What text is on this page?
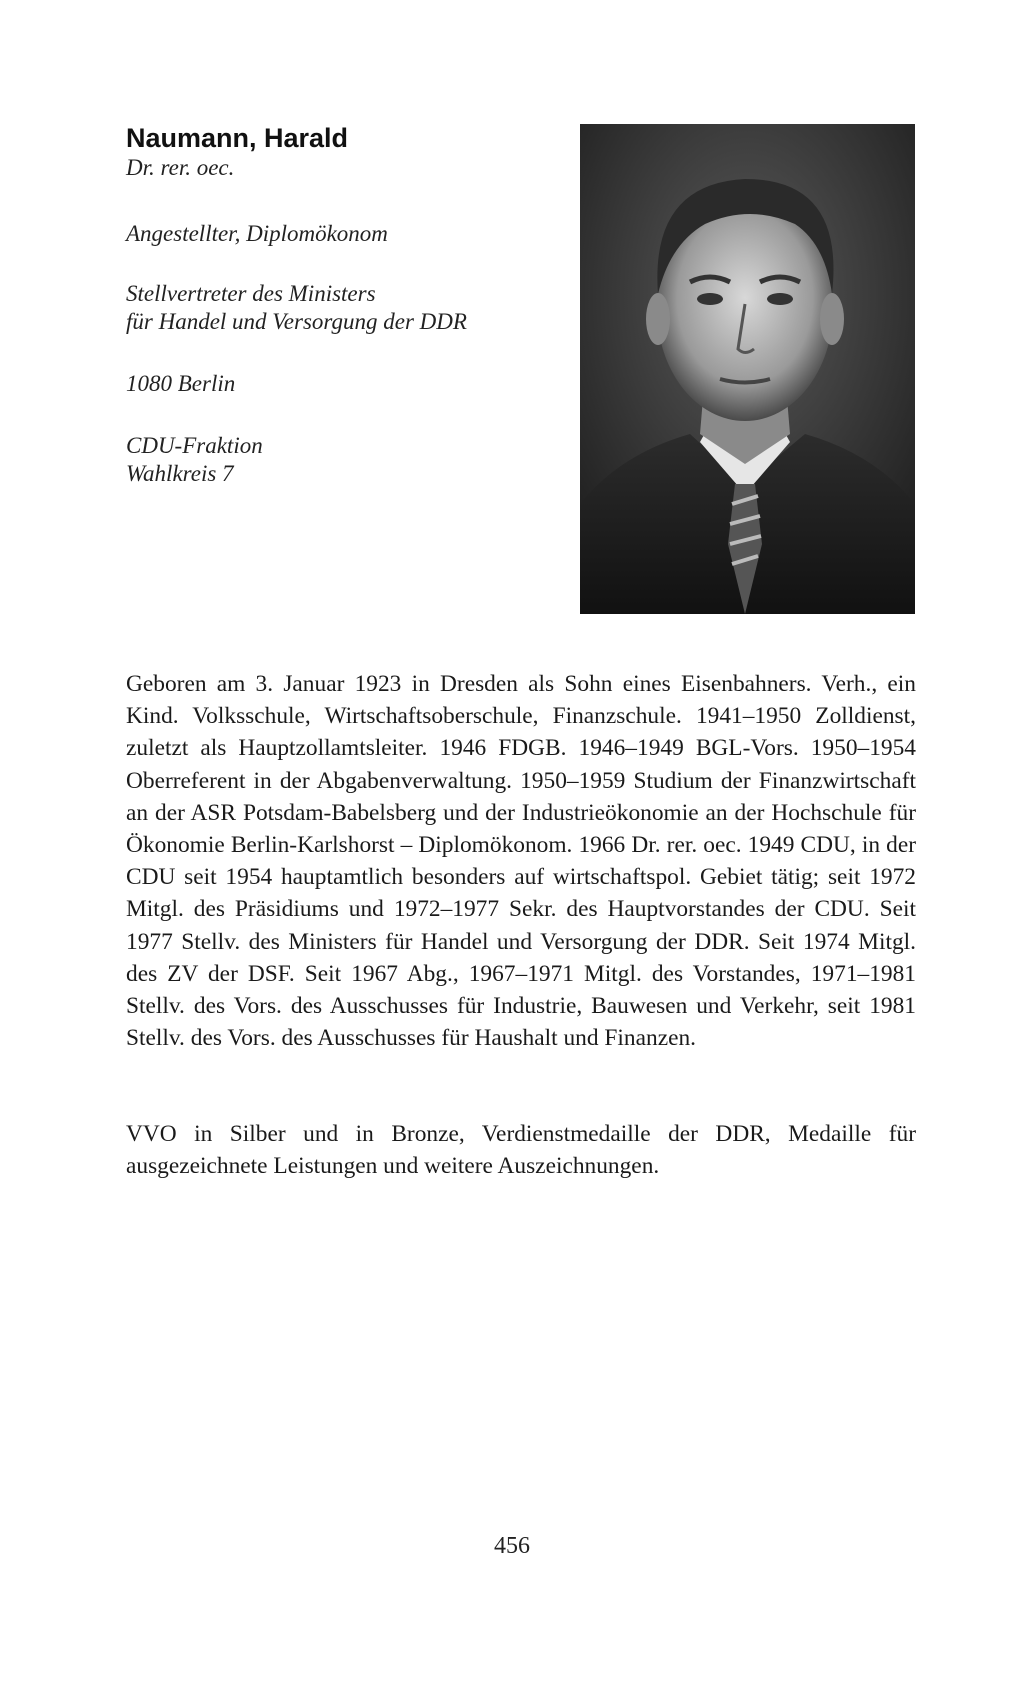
Naumann, Harald

Dr. rer. oec.

Angestellter, Diplomökonom

Stellvertreter des Ministers

für Handel und Versorgung der DDR

1080 Berlin

CDU-Fraktion

Wahlkreis 7

Geboren am 3. Januar 1923 in Dresden als Sohn eines Eisenbahners. Verh., ein Kind. Volksschule, Wirtschaftsoberschule, Finanzschule. 1941–1950 Zolldienst, zuletzt als Hauptzollamtsleiter. 1946 FDGB. 1946–1949 BGL-Vors. 1950–1954 Oberreferent in der Abgabenverwaltung. 1950–1959 Studium der Finanzwirtschaft an der ASR Potsdam-Babelsberg und der Industrieökonomie an der Hochschule für Ökonomie Berlin-Karlshorst – Diplomökonom. 1966 Dr. rer. oec. 1949 CDU, in der CDU seit 1954 hauptamtlich besonders auf wirtschaftspol. Gebiet tätig; seit 1972 Mitgl. des Präsidiums und 1972–1977 Sekr. des Hauptvorstandes der CDU. Seit 1977 Stellv. des Ministers für Handel und Versorgung der DDR. Seit 1974 Mitgl. des ZV der DSF. Seit 1967 Abg., 1967–1971 Mitgl. des Vorstandes, 1971–1981 Stellv. des Vors. des Ausschusses für Industrie, Bauwesen und Verkehr, seit 1981 Stellv. des Vors. des Ausschusses für Haushalt und Finanzen.

VVO in Silber und in Bronze, Verdienstmedaille der DDR, Medaille für ausgezeichnete Leistungen und weitere Auszeichnungen.

456
